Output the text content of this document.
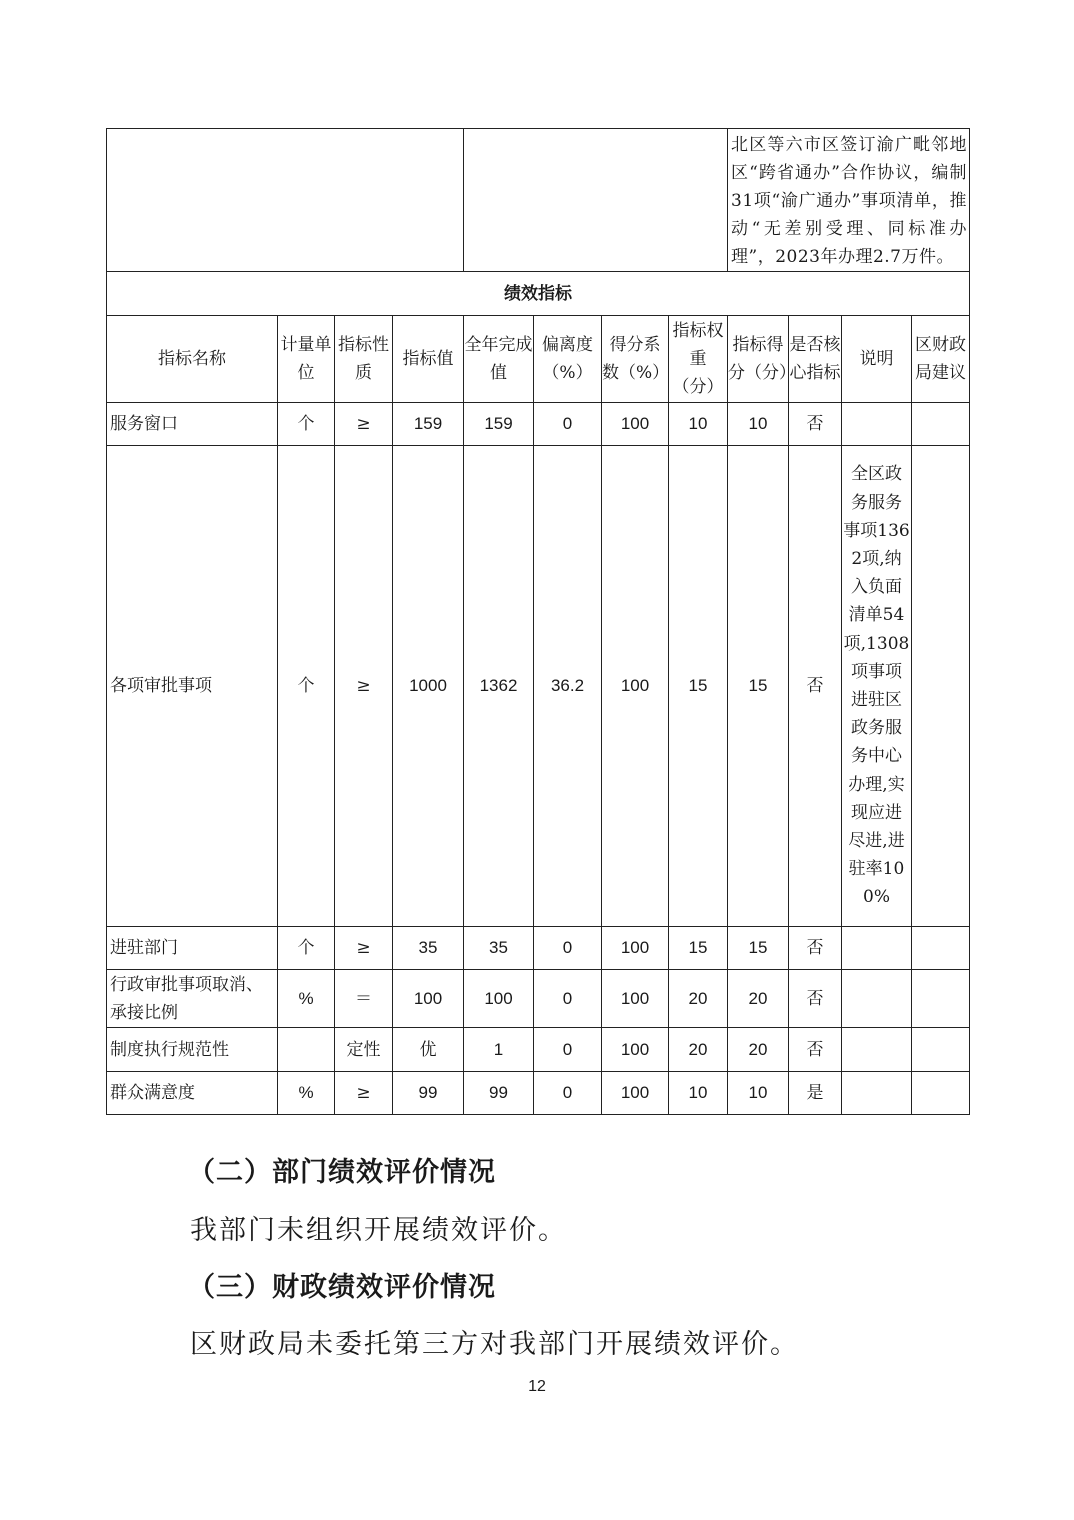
								北区等六市区签订渝广毗邻地区“跨省通办”合作协议，编制31项“渝广通办”事项清单，推动“无差别受理、同标准办理”，2023年办理2.7万件。			
绩效指标											
指标名称	计量单位	指标性质	指标值	全年完成值	偏离度（%）	得分系数（%）	指标权重（分）	指标得分（分）	是否核心指标	说明	区财政局建议
服务窗口	个	≥	159	159	0	100	10	10	否		
各项审批事项	个	≥	1000	1362	36.2	100	15	15	否	全区政务服务事项1362项,纳入负面清单54项,1308项事项进驻区政务服务中心办理,实现应进尽进,进驻率100%	
进驻部门	个	≥	35	35	0	100	15	15	否		
行政审批事项取消、承接比例	%	＝	100	100	0	100	20	20	否		
制度执行规范性		定性	优	1	0	100	20	20	否		
群众满意度	%	≥	99	99	0	100	10	10	是		
（二）部门绩效评价情况
我部门未组织开展绩效评价。
（三）财政绩效评价情况
区财政局未委托第三方对我部门开展绩效评价。
12
